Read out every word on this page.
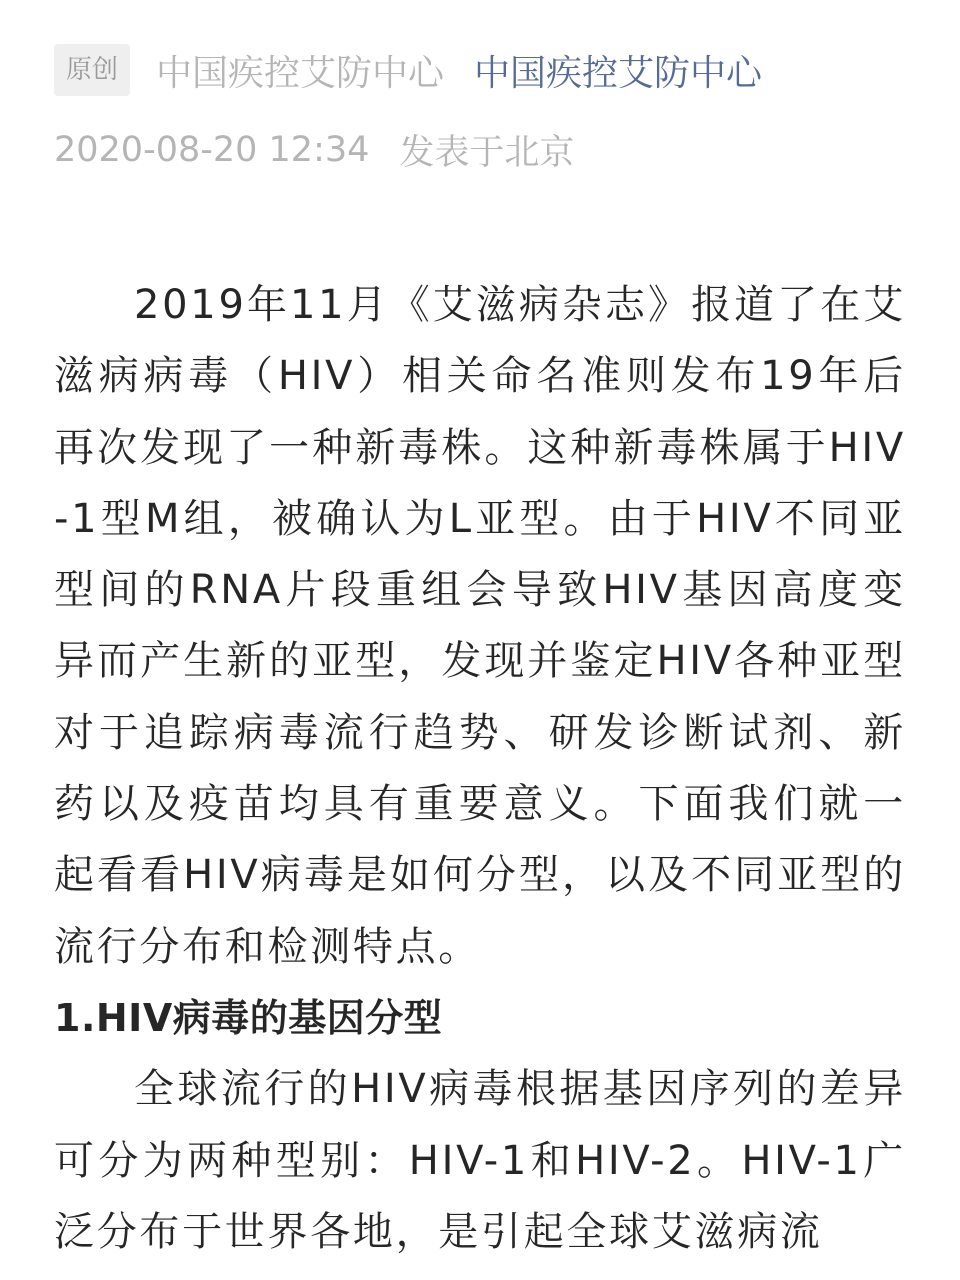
原创	中国疾控艾防中心 中国疾控艾防中心
2020-08-20 12:34 发表于北京

2019年11月《艾滋病杂志》报道了在艾滋病病毒（HIV）相关命名准则发布19年后再次发现了一种新毒株。这种新毒株属于HIV-1型M组，被确认为L亚型。由于HIV不同亚型间的RNA片段重组会导致HIV基因高度变异而产生新的亚型，发现并鉴定HIV各种亚型对于追踪病毒流行趋势、研发诊断试剂、新药以及疫苗均具有重要意义。下面我们就一起看看HIV病毒是如何分型，以及不同亚型的流行分布和检测特点。

1.HIV病毒的基因分型

全球流行的HIV病毒根据基因序列的差异可分为两种型别：HIV-1和HIV-2。HIV-1广泛分布于世界各地，是引起全球艾滋病流
